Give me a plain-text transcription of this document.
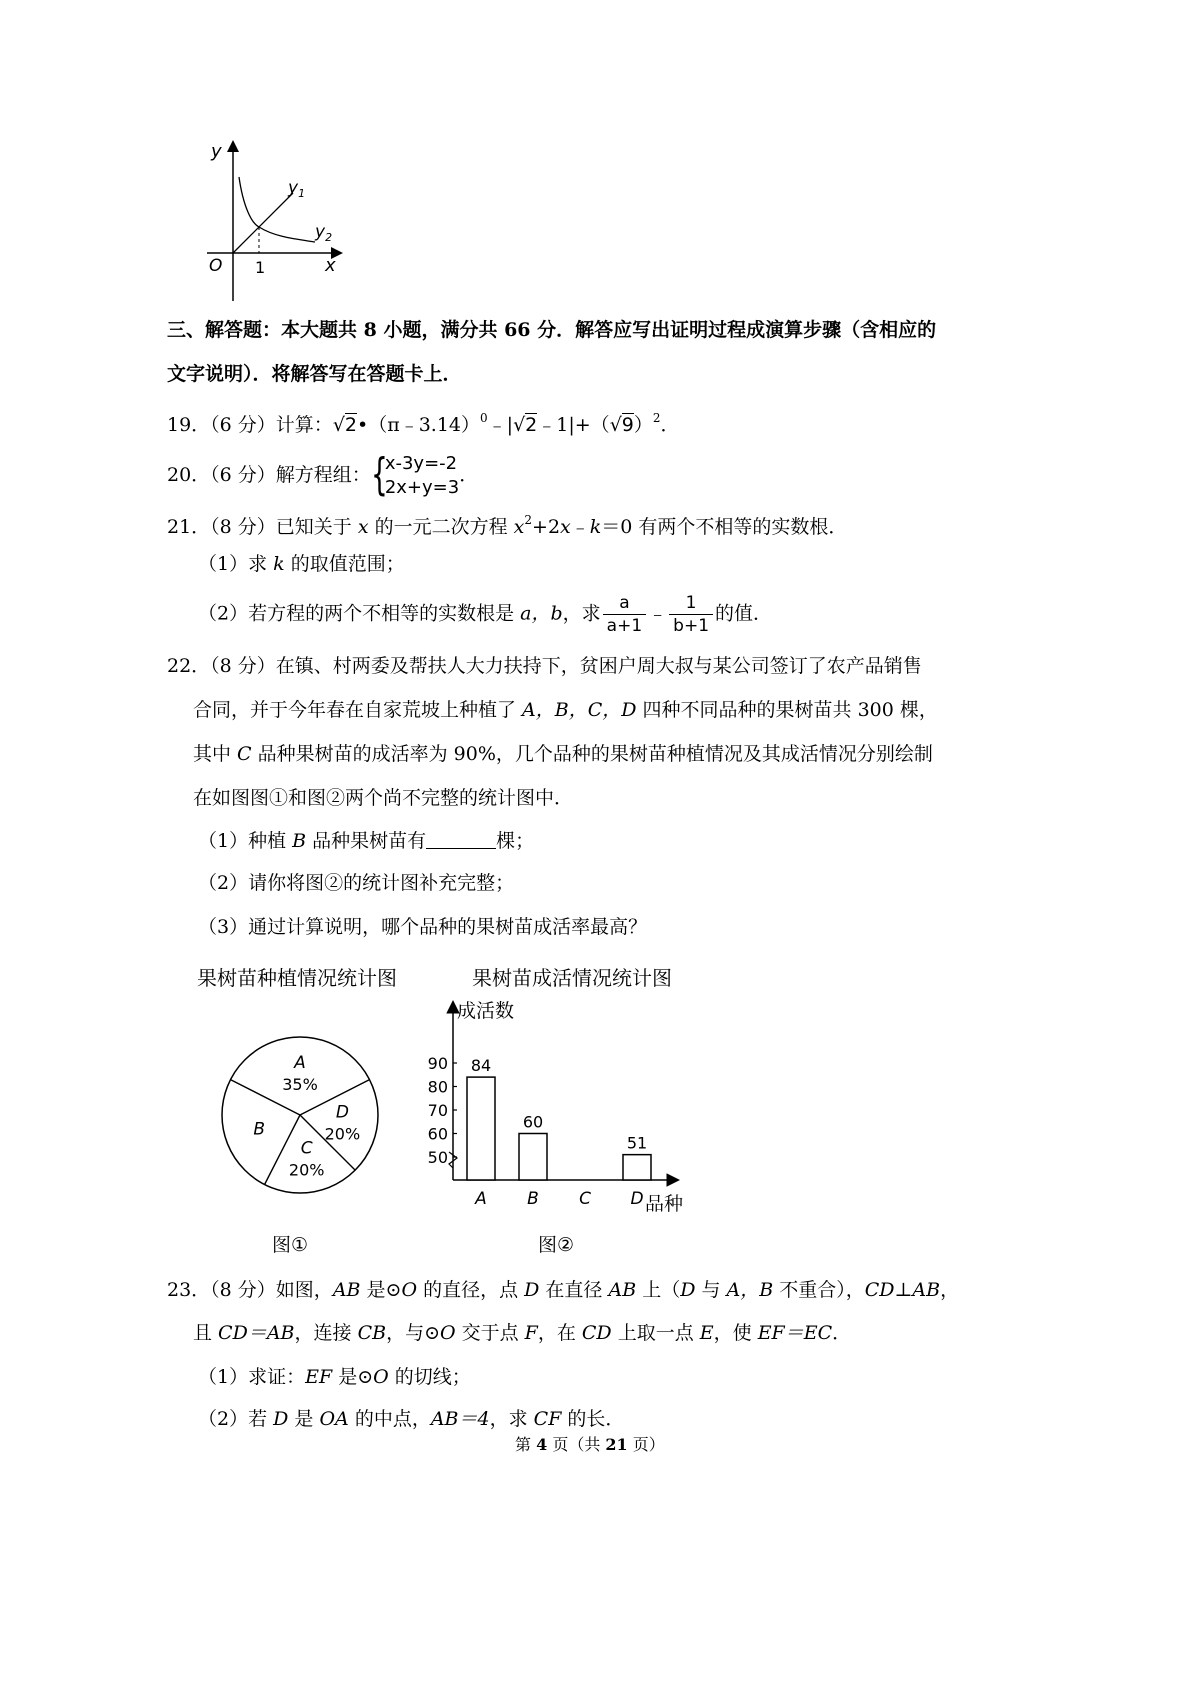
y
x
O 1
$y_1$
$y_2$
三、解答题：本大题共 8 小题，满分共 66 分．解答应写出证明过程成演算步骤（含相应的
文字说明）．将解答写在答题卡上．
19．（6 分）计算：$√2•(\pi﹣3.14)^0﹣|√2﹣1|+(√9)^2$．
20．（6 分）解方程组： {
x-3y=-2
2x+y=3
．
21．（8 分）已知关于 x 的一元二次方程 $x^2+2x﹣k=0$ 有两个不相等的实数根．
（1）求 k 的取值范围；
（2）若方程的两个不相等的实数根是 a，b，求 $\frac{a}{a+1}$ ﹣ $\frac{1}{b+1}$ 的值．
22．（8 分）在镇、村两委及帮扶人大力扶持下，贫困户周大叔与某公司签订了农产品销售
合同，并于今年春在自家荒坡上种植了 A，B，C，D 四种不同品种的果树苗共 300 棵，
其中 C 品种果树苗的成活率为 90%，几个品种的果树苗种植情况及其成活情况分别绘制
在如图图①和图②两个尚不完整的统计图中．
（1）种植 B 品种果树苗有	棵；
（2）请你将图②的统计图补充完整；
（3）通过计算说明，哪个品种的果树苗成活率最高？
果树苗种植情况统计图	果树苗成活情况统计图
A
35%
D
20%
C
20%
B
成活数
品种
50
60
70
80
90 84
A
60
B C
51
D
图①	图②
23．（8 分）如图，AB 是⊙O 的直径，点 D 在直径 AB 上（D 与 A，B 不重合），CD⊥AB，
且 CD＝AB，连接 CB，与⊙O 交于点 F，在 CD 上取一点 E，使 EF＝EC．
（1）求证：EF 是⊙O 的切线；
（2）若 D 是 OA 的中点，AB＝4，求 CF 的长．
第 4 页（共 21 页）
